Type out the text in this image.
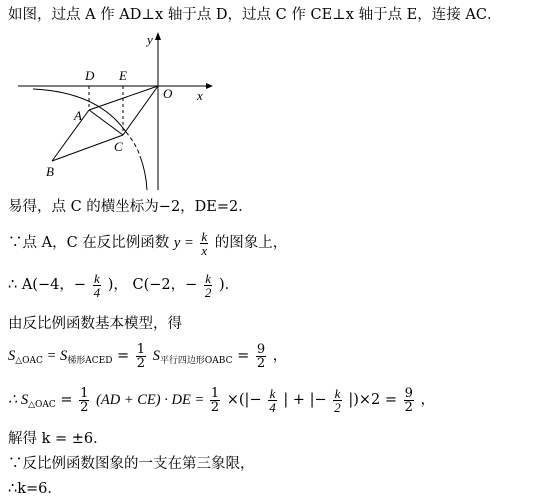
如图，过点 A 作 AD⊥x 轴于点 D，过点 C 作 CE⊥x 轴于点 E，连接 AC．
y
x
O
D E
A
C
B
易得，点 C 的横坐标为−2，DE=2．
∵点 A，C 在反比例函数 $y = \frac{k}{x}$ 的图象上，
∴ A(−4，− $\frac{k}{4}$ )， C(−2，− $\frac{k}{2}$ )．
由反比例函数基本模型，得
$S_{\triangle OAC} = S_{梯形ACED} = \frac{1}{2} S_{平行四边形OABC} = \frac{9}{2}$ ，
∴ $S_{\triangle OAC} = \frac{1}{2} (AD + CE)$ · DE = $\frac{1}{2}$ ×(|− $\frac{k}{4}$ | + |− $\frac{k}{2} |)\times 2 = \frac{9}{2}$ ，
解得 k = ±6．
∵反比例函数图象的一支在第三象限，
∴k=6．
